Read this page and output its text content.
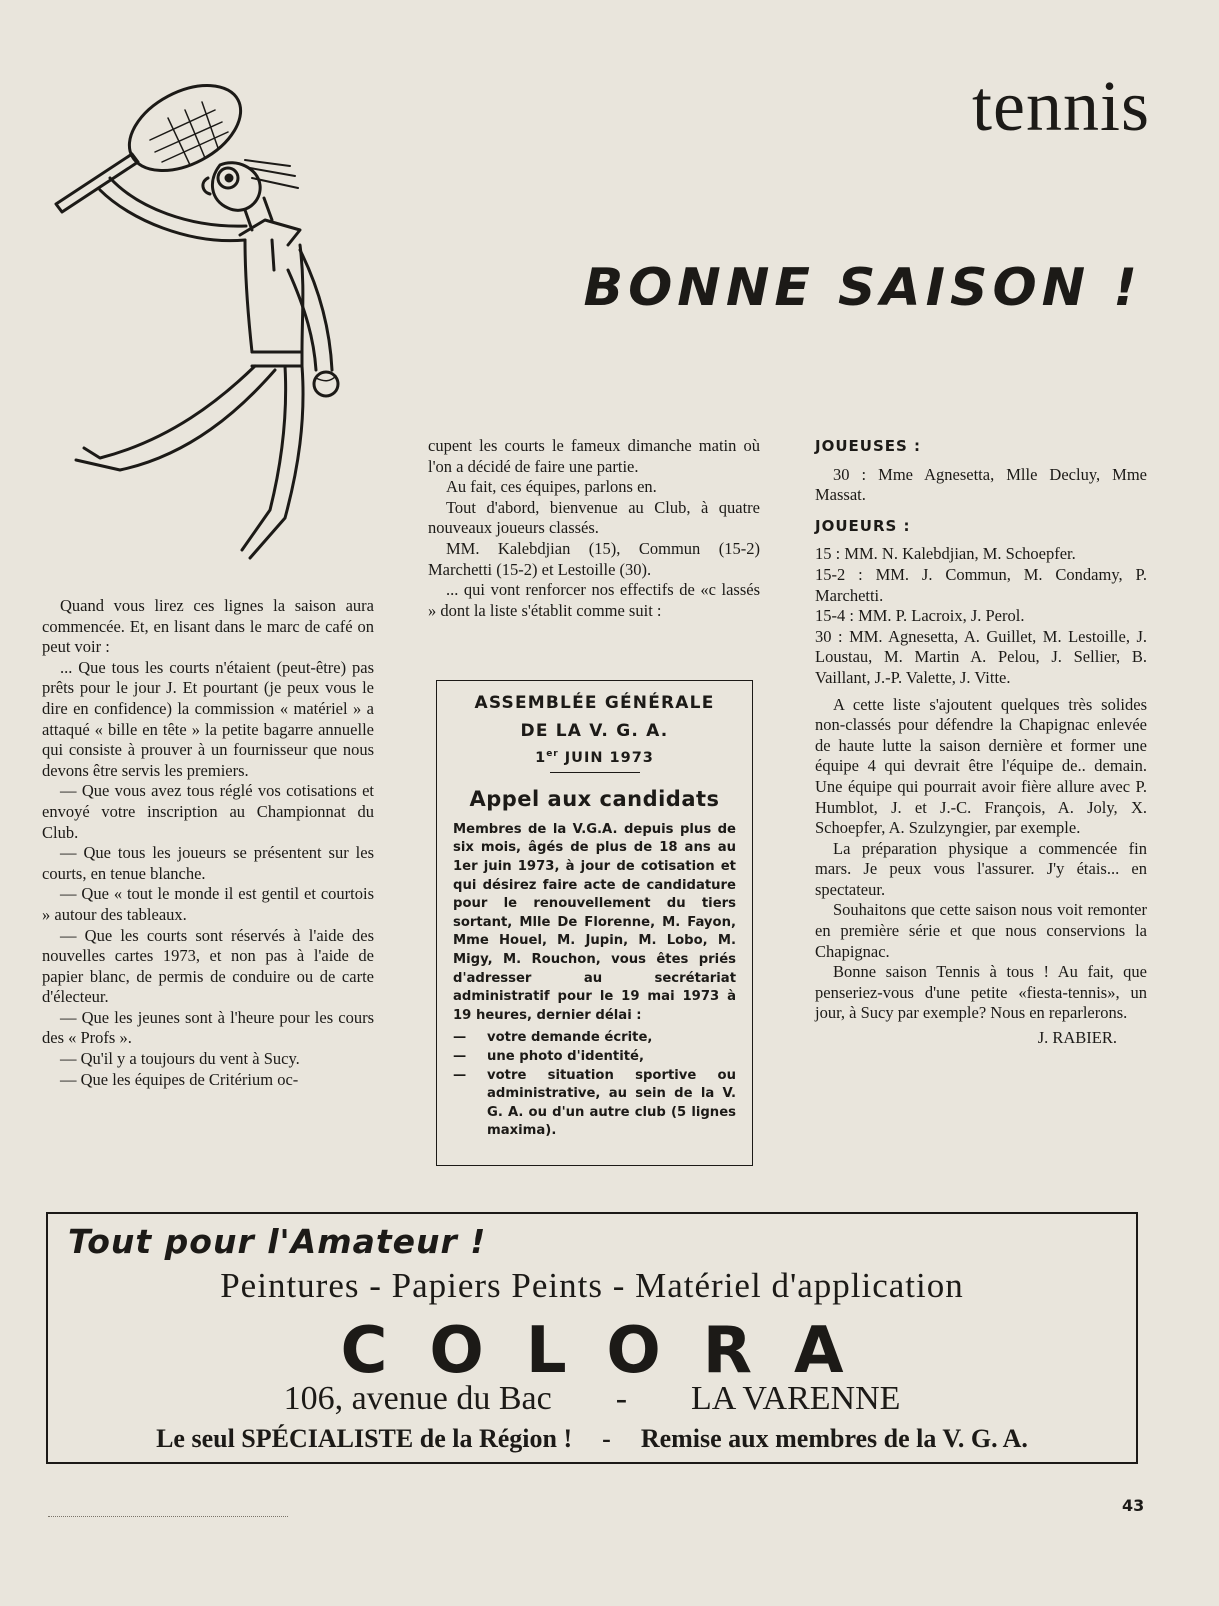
tennis
BONNE SAISON !

Quand vous lirez ces lignes la saison aura commencée. Et, en lisant dans le marc de café on peut voir :

... Que tous les courts n'étaient (peut-être) pas prêts pour le jour J. Et pourtant (je peux vous le dire en confidence) la commission « matériel » a attaqué « bille en tête » la petite bagarre annuelle qui consiste à prouver à un fournisseur que nous devons être servis les premiers.

— Que vous avez tous réglé vos cotisations et envoyé votre inscription au Championnat du Club.

— Que tous les joueurs se présentent sur les courts, en tenue blanche.

— Que « tout le monde il est gentil et courtois » autour des tableaux.

— Que les courts sont réservés à l'aide des nouvelles cartes 1973, et non pas à l'aide de papier blanc, de permis de conduire ou de carte d'électeur.

— Que les jeunes sont à l'heure pour les cours des « Profs ».

— Qu'il y a toujours du vent à Sucy.

— Que les équipes de Critérium oc-

cupent les courts le fameux dimanche matin où l'on a décidé de faire une partie.

Au fait, ces équipes, parlons en.

Tout d'abord, bienvenue au Club, à quatre nouveaux joueurs classés.

MM. Kalebdjian (15), Commun (15-2) Marchetti (15-2) et Lestoille (30).

... qui vont renforcer nos effectifs de «c lassés » dont la liste s'établit comme suit :

ASSEMBLÉE GÉNÉRALE
DE LA V. G. A.
1er JUIN 1973
Appel aux candidats
Membres de la V.G.A. depuis plus de six mois, âgés de plus de 18 ans au 1er juin 1973, à jour de cotisation et qui désirez faire acte de candidature pour le renouvellement du tiers sortant, Mlle De Florenne, M. Fayon, Mme Houel, M. Jupin, M. Lobo, M. Migy, M. Rouchon, vous êtes priés d'adresser au secrétariat administratif pour le 19 mai 1973 à 19 heures, dernier délai :
—	votre demande écrite,
—	une photo d'identité,
—	votre situation sportive ou administrative, au sein de la V. G. A. ou d'un autre club (5 lignes maxima).
JOUEUSES :

30 : Mme Agnesetta, Mlle Decluy, Mme Massat.

JOUEURS :

15 : MM. N. Kalebdjian, M. Schoepfer.

15-2 : MM. J. Commun, M. Condamy, P. Marchetti.

15-4 : MM. P. Lacroix, J. Perol.

30 : MM. Agnesetta, A. Guillet, M. Lestoille, J. Loustau, M. Martin A. Pelou, J. Sellier, B. Vaillant, J.-P. Valette, J. Vitte.

A cette liste s'ajoutent quelques très solides non-classés pour défendre la Chapignac enlevée de haute lutte la saison dernière et former une équipe 4 qui devrait être l'équipe de.. demain. Une équipe qui pourrait avoir fière allure avec P. Humblot, J. et J.-C. François, A. Joly, X. Schoepfer, A. Szulzyngier, par exemple.

La préparation physique a commencée fin mars. Je peux vous l'assurer. J'y étais... en spectateur.

Souhaitons que cette saison nous voit remonter en première série et que nous conservions la Chapignac.

Bonne saison Tennis à tous ! Au fait, que penseriez-vous d'une petite «fiesta-tennis», un jour, à Sucy par exemple? Nous en reparlerons.

J. RABIER.
Tout pour l'Amateur !
Peintures - Papiers Peints - Matériel d'application
COLORA
106, avenue du Bac - LA VARENNE
Le seul SPÉCIALISTE de la Région ! - Remise aux membres de la V. G. A.
43
